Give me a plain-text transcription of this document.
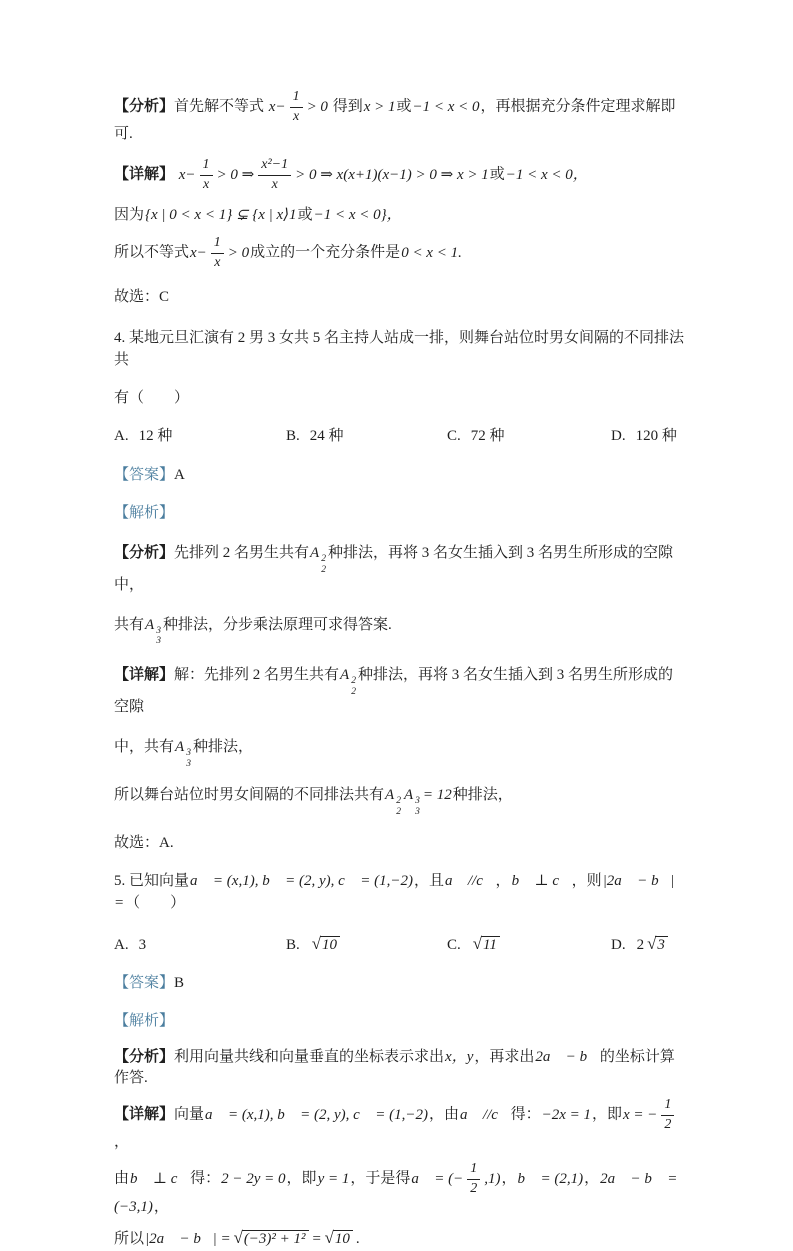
【分析】首先解不等式 $x- \frac{1}{x} > 0$ 得到x > 1或−1 < x < 0，再根据充分条件定理求解即可.
【详解】 $x- \frac{1}{x} > 0$ ⇒ $\frac{\text{x²−1}}{x} > 0$ ⇒ x(x+1)(x−1) > 0 ⇒ x > 1或−1 < x < 0，
因为{x | 0 < x < 1} ⊊ {x | x⟩1或−1 < x < 0}，
所以不等式$x- \frac{1}{x} > 0$成立的一个充分条件是0 < x < 1.
故选：C
4. 某地元旦汇演有 2 男 3 女共 5 名主持人站成一排，则舞台站位时男女间隔的不同排法共
有（　　）
A. 12 种	B. 24 种	C. 72 种	D. 120 种
【答案】A
【解析】
【分析】先排列 2 名男生共有A 2
2
种排法，再将 3 名女生插入到 3 名男生所形成的空隙中，
共有A 3
3
种排法，分步乘法原理可求得答案.
【详解】解：先排列 2 名男生共有A 2
2
种排法，再将 3 名女生插入到 3 名男生所形成的空隙
中，共有A 3
3
种排法，
所以舞台站位时男女间隔的不同排法共有A 2
2
A 3
3
= 12种排法，
故选：A.
5. 已知向量a⃗ = (x,1), b⃗ = (2, y), c⃗ = (1,−2)，且a⃗ //c⃗，b⃗ ⊥ c⃗，则|2a⃗ − b⃗| =（　　）
A. 3	B. √10	C. √11	D. 2 √3
【答案】B
【解析】
【分析】利用向量共线和向量垂直的坐标表示求出x，y，再求出2a⃗ − b⃗的坐标计算作答.
【详解】向量a⃗ = (x,1), b⃗ = (2, y), c⃗ = (1,−2)，由a⃗ //c⃗得：−2x = 1，即x = − $\frac{1}{2}$
，
由b⃗ ⊥ c⃗得：2 − 2y = 0，即y = 1，于是得a⃗ = (− $\frac{1}{2} ,1$)，b⃗ = (2,1)，2a⃗ − b⃗ = (−3,1)，
所以|2a⃗ − b⃗| = √(−3)² + 1² = √10 .
